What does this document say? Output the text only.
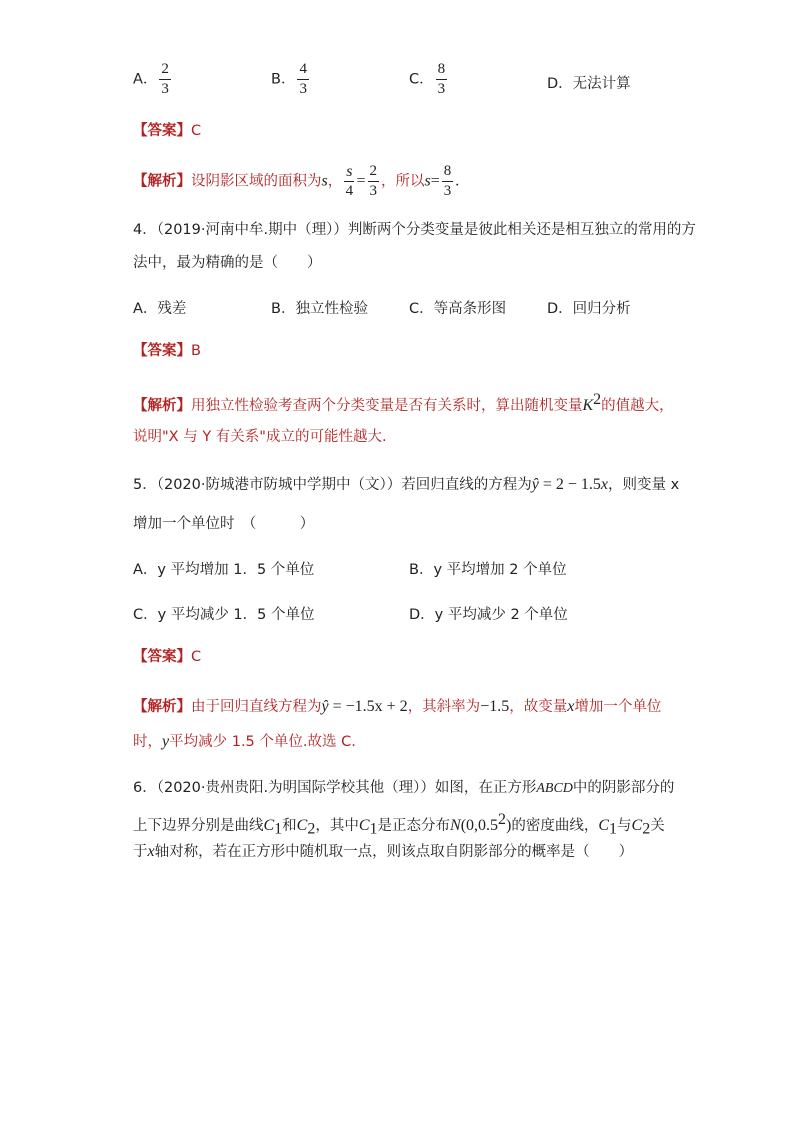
A． $\frac{2}{3}$	B． $\frac{4}{3}$	C． $\frac{8}{3}$	D．无法计算
【答案】C
【解析】设阴影区域的面积为s， $\frac{s}{4} = \frac{2}{3}$ ，所以$s= \frac{8}{3}$ .
4．（2019·河南中牟.期中（理））判断两个分类变量是彼此相关还是相互独立的常用的方
法中，最为精确的是（　　）
A．残差	B．独立性检验	C．等高条形图	D．回归分析
【答案】B
【解析】用独立性检验考查两个分类变量是否有关系时，算出随机变量$K^2$的值越大，
说明"X 与 Y 有关系"成立的可能性越大.
5．（2020·防城港市防城中学期中（文））若回归直线的方程为ŷ = 2 − 1.5x，则变量 x
增加一个单位时　（　　　）
A．y 平均增加 1．5 个单位	B．y 平均增加 2 个单位
C．y 平均减少 1．5 个单位	D．y 平均减少 2 个单位
【答案】C
【解析】由于回归直线方程为ŷ = −1.5x + 2，其斜率为−1.5，故变量x增加一个单位
时，y平均减少 1.5 个单位.故选 C.
6．（2020·贵州贵阳.为明国际学校其他（理））如图，在正方形ABCD中的阴影部分的
上下边界分别是曲线$C_1$和$C_2$，其中$C_1$是正态分布N(0,0.5$^2$)的密度曲线，$C_1$与$C_2$关
于x轴对称，若在正方形中随机取一点，则该点取自阴影部分的概率是（　　）
